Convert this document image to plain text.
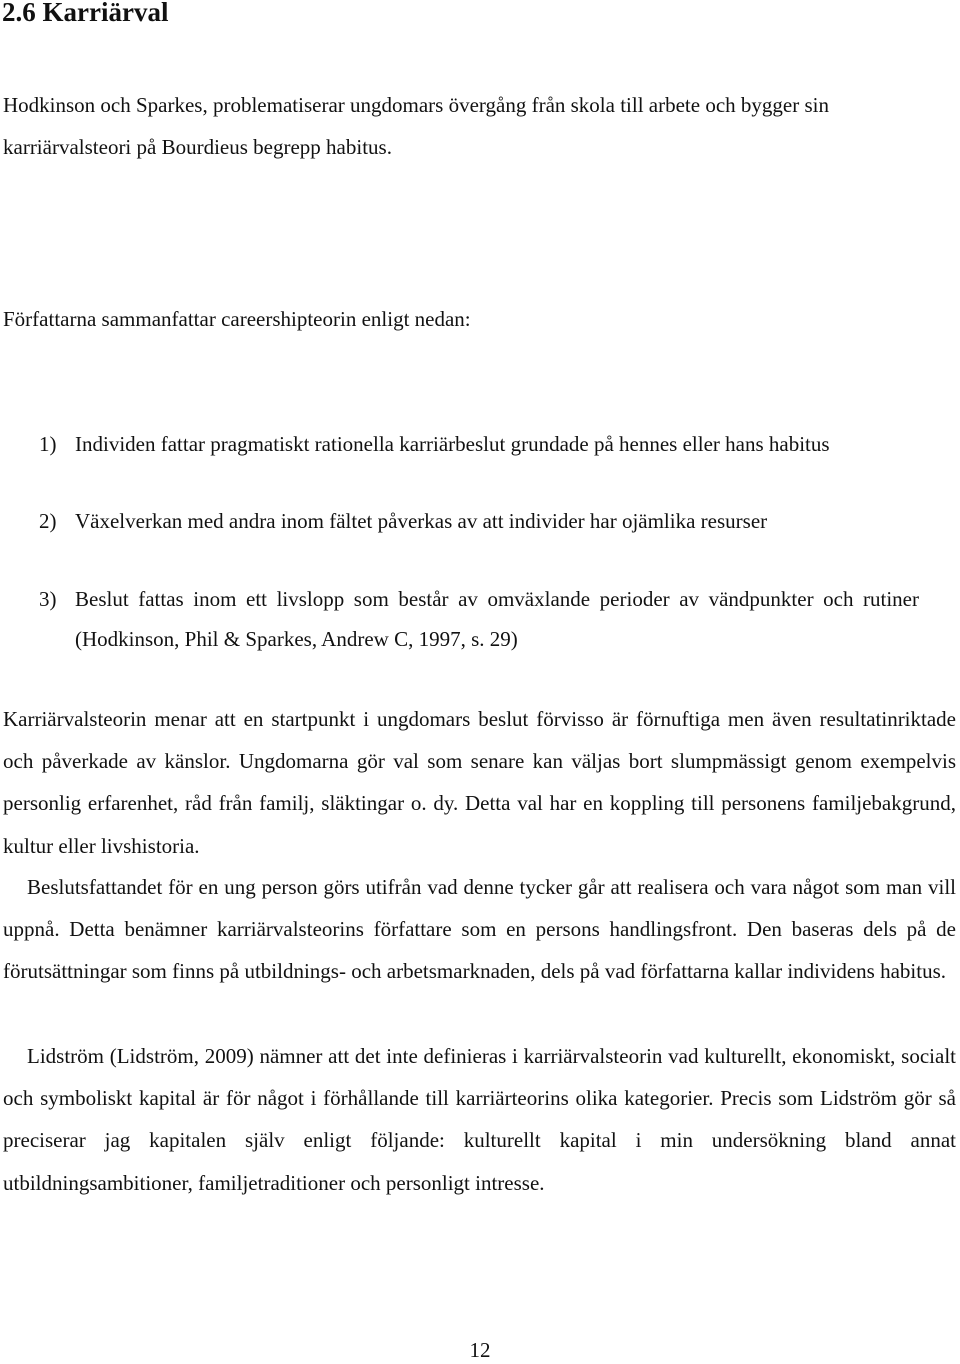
2.6 Karriärval

Hodkinson och Sparkes, problematiserar ungdomars övergång från skola till arbete och bygger sin karriärvalsteori på Bourdieus begrepp habitus.

Författarna sammanfattar careershipteorin enligt nedan:

1) Individen fattar pragmatiskt rationella karriärbeslut grundade på hennes eller hans habitus
2) Växelverkan med andra inom fältet påverkas av att individer har ojämlika resurser
3) Beslut fattas inom ett livslopp som består av omväxlande perioder av vändpunkter och rutiner (Hodkinson, Phil & Sparkes, Andrew C, 1997, s. 29)

Karriärvalsteorin menar att en startpunkt i ungdomars beslut förvisso är förnuftiga men även resultatinriktade och påverkade av känslor. Ungdomarna gör val som senare kan väljas bort slumpmässigt genom exempelvis personlig erfarenhet, råd från familj, släktingar o. dy. Detta val har en koppling till personens familjebakgrund, kultur eller livshistoria.

Beslutsfattandet för en ung person görs utifrån vad denne tycker går att realisera och vara något som man vill uppnå. Detta benämner karriärvalsteorins författare som en persons handlingsfront. Den baseras dels på de förutsättningar som finns på utbildnings- och arbetsmarknaden, dels på vad författarna kallar individens habitus.

Lidström (Lidström, 2009) nämner att det inte definieras i karriärvalsteorin vad kulturellt, ekonomiskt, socialt och symboliskt kapital är för något i förhållande till karriärteorins olika kategorier. Precis som Lidström gör så preciserar jag kapitalen själv enligt följande: kulturellt kapital i min undersökning bland annat utbildningsambitioner, familjetraditioner och personligt intresse.

12
